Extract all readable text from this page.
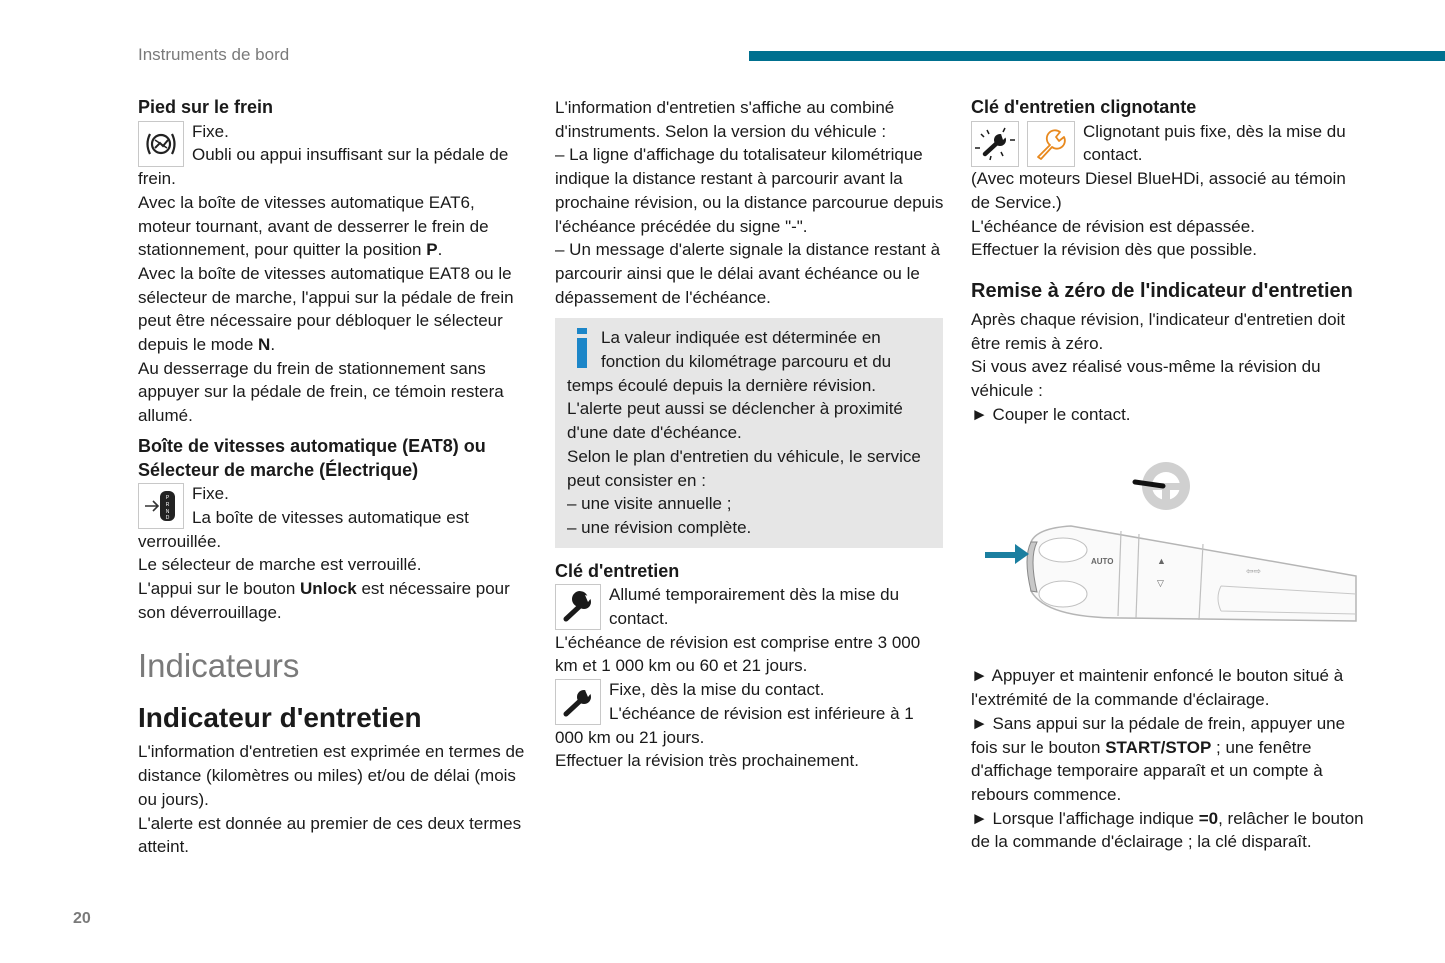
Instruments de bord
Pied sur le frein

Fixe.

Oubli ou appui insuffisant sur la pédale de frein.

Avec la boîte de vitesses automatique EAT6, moteur tournant, avant de desserrer le frein de stationnement, pour quitter la position P.

Avec la boîte de vitesses automatique EAT8 ou le sélecteur de marche, l'appui sur la pédale de frein peut être nécessaire pour débloquer le sélecteur depuis le mode N.

Au desserrage du frein de stationnement sans appuyer sur la pédale de frein, ce témoin restera allumé.

Boîte de vitesses automatique (EAT8) ou Sélecteur de marche (Électrique)
P
R
N
D

Fixe.

La boîte de vitesses automatique est verrouillée.

Le sélecteur de marche est verrouillé.

L'appui sur le bouton Unlock est nécessaire pour son déverrouillage.

Indicateurs
Indicateur d'entretien

L'information d'entretien est exprimée en termes de distance (kilomètres ou miles) et/ou de délai (mois ou jours).

L'alerte est donnée au premier de ces deux termes atteint.

L'information d'entretien s'affiche au combiné d'instruments. Selon la version du véhicule :

– La ligne d'affichage du totalisateur kilométrique indique la distance restant à parcourir avant la prochaine révision, ou la distance parcourue depuis l'échéance précédée du signe "-".

– Un message d'alerte signale la distance restant à parcourir ainsi que le délai avant échéance ou le dépassement de l'échéance.

La valeur indiquée est déterminée en fonction du kilométrage parcouru et du temps écoulé depuis la dernière révision.

L'alerte peut aussi se déclencher à proximité d'une date d'échéance.

Selon le plan d'entretien du véhicule, le service peut consister en :

– une visite annuelle ;

– une révision complète.

Clé d'entretien

Allumé temporairement dès la mise du contact.

L'échéance de révision est comprise entre 3 000 km et 1 000 km ou 60 et 21 jours.

Fixe, dès la mise du contact.

L'échéance de révision est inférieure à 1 000 km ou 21 jours.

Effectuer la révision très prochainement.

Clé d'entretien clignotante

Clignotant puis fixe, dès la mise du contact.

(Avec moteurs Diesel BlueHDi, associé au témoin de Service.)

L'échéance de révision est dépassée.

Effectuer la révision dès que possible.

Remise à zéro de l'indicateur d'entretien

Après chaque révision, l'indicateur d'entretien doit être remis à zéro.

Si vous avez réalisé vous-même la révision du véhicule :

► Couper le contact.

AUTO	▲
▽
⇦⇨

► Appuyer et maintenir enfoncé le bouton situé à l'extrémité de la commande d'éclairage.

► Sans appui sur la pédale de frein, appuyer une fois sur le bouton START/STOP ; une fenêtre d'affichage temporaire apparaît et un compte à rebours commence.

► Lorsque l'affichage indique =0, relâcher le bouton de la commande d'éclairage ; la clé disparaît.

20
